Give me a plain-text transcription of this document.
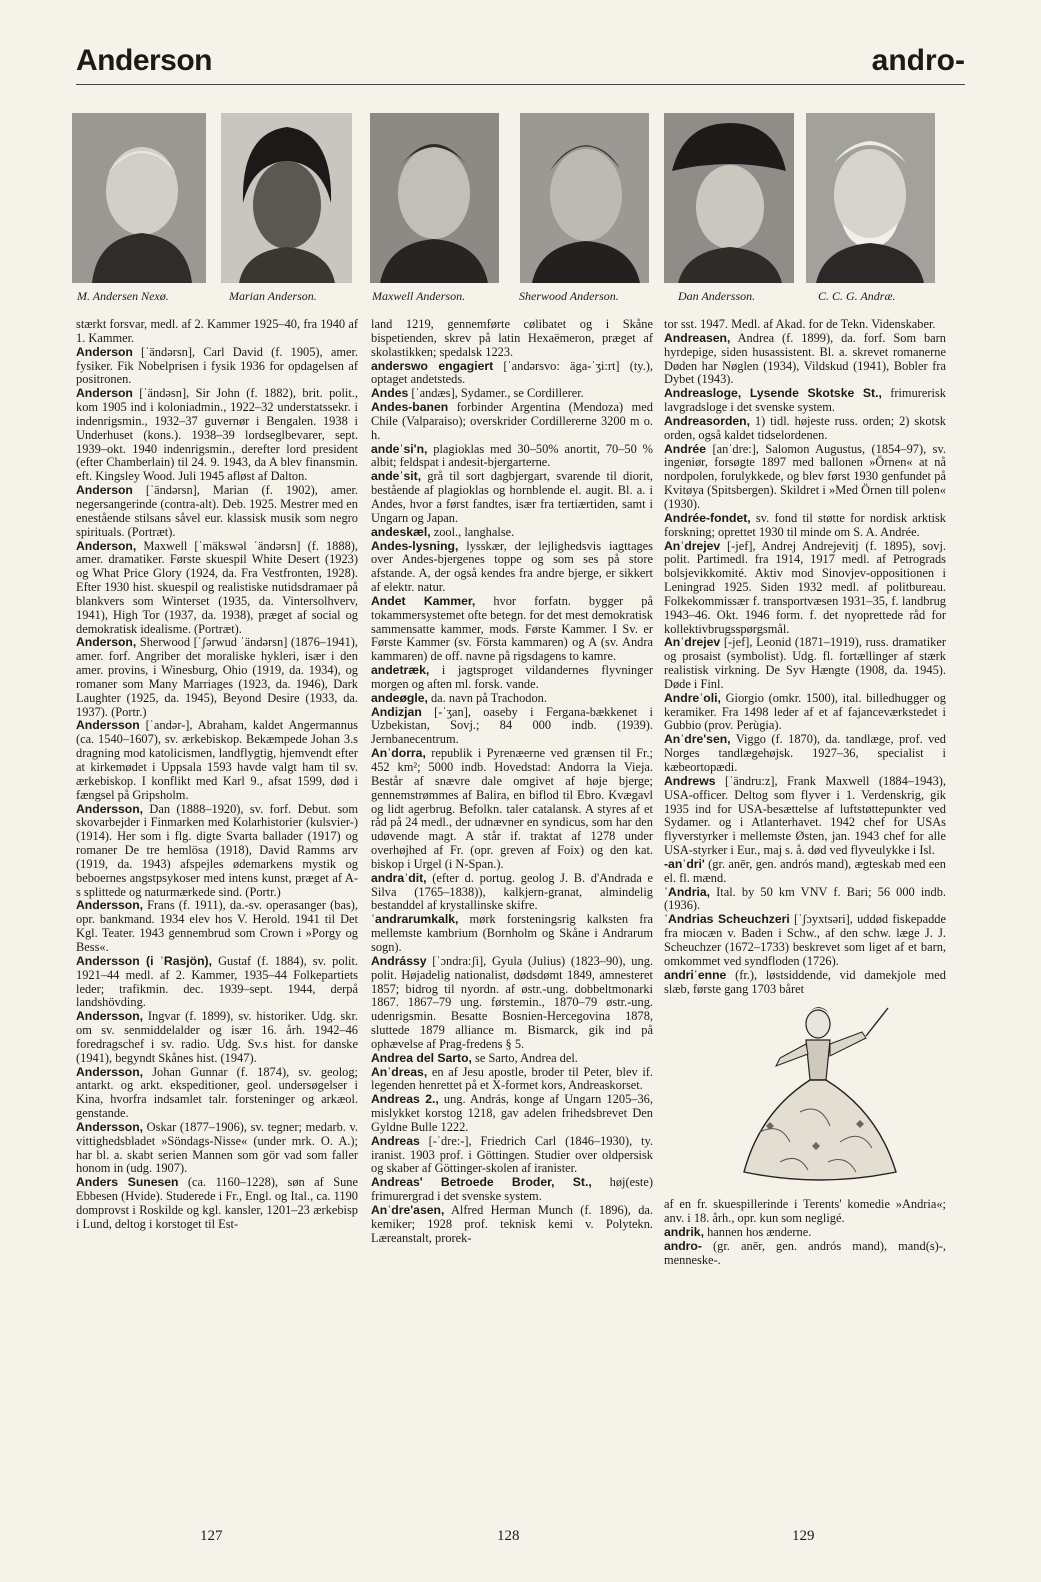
Anderson	andro-
M. Andersen Nexø.	Marian Anderson.	Maxwell Anderson.	Sherwood Anderson.	Dan Andersson.	C. C. G. Andræ.

stærkt forsvar, medl. af 2. Kammer 1925–40, fra 1940 af 1. Kammer.

Anderson [ˈändərsn], Carl David (f. 1905), amer. fysiker. Fik Nobelprisen i fysik 1936 for opdagelsen af positronen.

Anderson [ˈändəsn], Sir John (f. 1882), brit. polit., kom 1905 ind i koloniadmin., 1922–32 understatssekr. i indenrigsmin., 1932–37 guvernør i Bengalen. 1938 i Underhuset (kons.). 1938–39 lordseglbevarer, sept. 1939–okt. 1940 indenrigsmin., derefter lord president (efter Chamberlain) til 24. 9. 1943, da A blev finansmin. eft. Kingsley Wood. Juli 1945 afløst af Dalton.

Anderson [ˈändərsn], Marian (f. 1902), amer. negersangerinde (contra-alt). Deb. 1925. Mestrer med en enestående stilsans såvel eur. klassisk musik som negro spirituals. (Portræt).

Anderson, Maxwell [ˈmäkswəl ˈändərsn] (f. 1888), amer. dramatiker. Første skuespil White Desert (1923) og What Price Glory (1924, da. Fra Vestfronten, 1928). Efter 1930 hist. skuespil og realistiske nutidsdramaer på blankvers som Winterset (1935, da. Vintersolhverv, 1941), High Tor (1937, da. 1938), præget af social og demokratisk idealisme. (Portræt).

Anderson, Sherwood [ˈʃərwud ˈändərsn] (1876–1941), amer. forf. Angriber det moraliske hykleri, især i den amer. provins, i Winesburg, Ohio (1919, da. 1934), og romaner som Many Marriages (1923, da. 1946), Dark Laughter (1925, da. 1945), Beyond Desire (1933, da. 1937). (Portr.)

Andersson [ˈandər-], Abraham, kaldet Angermannus (ca. 1540–1607), sv. ærkebiskop. Bekæmpede Johan 3.s dragning mod katolicismen, landflygtig, hjemvendt efter at kirkemødet i Uppsala 1593 havde valgt ham til sv. ærkebiskop. I konflikt med Karl 9., afsat 1599, død i fængsel på Gripsholm.

Andersson, Dan (1888–1920), sv. forf. Debut. som skovarbejder i Finmarken med Kolarhistorier (kulsvier-) (1914). Her som i flg. digte Svarta ballader (1917) og romaner De tre hemlösa (1918), David Ramms arv (1919, da. 1943) afspejles ødemarkens mystik og beboernes angstpsykoser med intens kunst, præget af A-s splittede og naturmærkede sind. (Portr.)

Andersson, Frans (f. 1911), da.-sv. operasanger (bas), opr. bankmand. 1934 elev hos V. Herold. 1941 til Det Kgl. Teater. 1943 gennembrud som Crown i »Porgy og Bess«.

Andersson (i ˈRasjön), Gustaf (f. 1884), sv. polit. 1921–44 medl. af 2. Kammer, 1935–44 Folkepartiets leder; trafikmin. dec. 1939–sept. 1944, derpå landshövding.

Andersson, Ingvar (f. 1899), sv. historiker. Udg. skr. om sv. senmiddelalder og især 16. årh. 1942–46 foredragschef i sv. radio. Udg. Sv.s hist. for danske (1941), begyndt Skånes hist. (1947).

Andersson, Johan Gunnar (f. 1874), sv. geolog; antarkt. og arkt. ekspeditioner, geol. undersøgelser i Kina, hvorfra indsamlet talr. forsteninger og arkæol. genstande.

Andersson, Oskar (1877–1906), sv. tegner; medarb. v. vittighedsbladet »Söndags-Nisse« (under mrk. O. A.); har bl. a. skabt serien Mannen som gör vad som faller honom in (udg. 1907).

Anders Sunesen (ca. 1160–1228), søn af Sune Ebbesen (Hvide). Studerede i Fr., Engl. og Ital., ca. 1190 domprovst i Roskilde og kgl. kansler, 1201–23 ærkebisp i Lund, deltog i korstoget til Est-

land 1219, gennemførte cølibatet og i Skåne bispetienden, skrev på latin Hexaëmeron, præget af skolastikken; spedalsk 1223.

anderswo engagiert [ˈandərsvo: äga-ˈʒi:rt] (ty.), optaget andetsteds.

Andes [ˈandæs], Sydamer., se Cordillerer.

Andes-banen forbinder Argentina (Mendoza) med Chile (Valparaiso); overskrider Cordillererne 3200 m o. h.

andeˈsi'n, plagioklas med 30–50% anortit, 70–50 % albit; feldspat i andesit-bjergarterne.

andeˈsit, grå til sort dagbjergart, svarende til diorit, bestående af plagioklas og hornblende el. augit. Bl. a. i Andes, hvor a først fandtes, især fra tertiærtiden, samt i Ungarn og Japan.

andeskæl, zool., langhalse.

Andes-lysning, lysskær, der lejlighedsvis iagttages over Andes-bjergenes toppe og som ses på store afstande. A, der også kendes fra andre bjerge, er sikkert af elektr. natur.

Andet Kammer, hvor forfatn. bygger på tokammersystemet ofte betegn. for det mest demokratisk sammensatte kammer, mods. Første Kammer. I Sv. er Første Kammer (sv. Första kammaren) og A (sv. Andra kammaren) de off. navne på rigsdagens to kamre.

andetræk, i jagtsproget vildandernes flyvninger morgen og aften ml. forsk. vande.

andeøgle, da. navn på Trachodon.

Andizjan [-ˈʒan], oaseby i Fergana-bækkenet i Uzbekistan, Sovj.; 84 000 indb. (1939). Jernbanecentrum.

Anˈdorra, republik i Pyrenæerne ved grænsen til Fr.; 452 km²; 5000 indb. Hovedstad: Andorra la Vieja. Består af snævre dale omgivet af høje bjerge; gennemstrømmes af Balira, en biflod til Ebro. Kvægavl og lidt agerbrug. Befolkn. taler catalansk. A styres af et råd på 24 medl., der udnævner en syndicus, som har den udøvende magt. A står if. traktat af 1278 under overhøjhed af Fr. (opr. greven af Foix) og den kat. biskop i Urgel (i N-Span.).

andraˈdit, (efter d. portug. geolog J. B. d'Andrada e Silva (1765–1838)), kalkjern-granat, almindelig bestanddel af krystallinske skifre.

ˈandrarumkalk, mørk forsteningsrig kalksten fra mellemste kambrium (Bornholm og Skåne i Andrarum sogn).

Andrássy [ˈɔndra:ʃi], Gyula (Julius) (1823–90), ung. polit. Højadelig nationalist, dødsdømt 1849, amnesteret 1857; bidrog til nyordn. af østr.-ung. dobbeltmonarki 1867. 1867–79 ung. førstemin., 1870–79 østr.-ung. udenrigsmin. Besatte Bosnien-Hercegovina 1878, sluttede 1879 alliance m. Bismarck, gik ind på ophævelse af Prag-fredens § 5.

Andrea del Sarto, se Sarto, Andrea del.

Anˈdreas, en af Jesu apostle, broder til Peter, blev if. legenden henrettet på et X-formet kors, Andreaskorset.

Andreas 2., ung. András, konge af Ungarn 1205–36, mislykket korstog 1218, gav adelen frihedsbrevet Den Gyldne Bulle 1222.

Andreas [-ˈdre:-], Friedrich Carl (1846–1930), ty. iranist. 1903 prof. i Göttingen. Studier over oldpersisk og skaber af Göttinger-skolen af iranister.

Andreas' Betroede Broder, St., høj(este) frimurergrad i det svenske system.

Anˈdre'asen, Alfred Herman Munch (f. 1896), da. kemiker; 1928 prof. teknisk kemi v. Polytekn. Læreanstalt, prorek-

tor sst. 1947. Medl. af Akad. for de Tekn. Videnskaber.

Andreasen, Andrea (f. 1899), da. forf. Som barn hyrdepige, siden husassistent. Bl. a. skrevet romanerne Døden har Nøglen (1934), Vildskud (1941), Bobler fra Dybet (1943).

Andreasloge, Lysende Skotske St., frimurerisk lavgradsloge i det svenske system.

Andreasorden, 1) tidl. højeste russ. orden; 2) skotsk orden, også kaldet tidselordenen.

Andrée [anˈdre:], Salomon Augustus, (1854–97), sv. ingeniør, forsøgte 1897 med ballonen »Örnen« at nå nordpolen, forulykkede, og blev først 1930 genfundet på Kvitøya (Spitsbergen). Skildret i »Med Örnen till polen« (1930).

Andrée-fondet, sv. fond til støtte for nordisk arktisk forskning; oprettet 1930 til minde om S. A. Andrée.

Anˈdrejev [-jef], Andrej Andrejevitj (f. 1895), sovj. polit. Partimedl. fra 1914, 1917 medl. af Petrograds bolsjevikkomité. Aktiv mod Sinovjev-oppositionen i Leningrad 1925. Siden 1932 medl. af politbureau. Folkekommissær f. transportvæsen 1931–35, f. landbrug 1943–46. Okt. 1946 form. f. det nyoprettede råd for kollektivbrugsspørgsmål.

Anˈdrejev [-jef], Leonid (1871–1919), russ. dramatiker og prosaist (symbolist). Udg. fl. fortællinger af stærk realistisk virkning. De Syv Hængte (1908, da. 1945). Døde i Finl.

Andreˈoli, Giorgio (omkr. 1500), ital. billedhugger og keramiker. Fra 1498 leder af et af fajanceværkstedet i Gubbio (prov. Perùgia).

Anˈdre'sen, Viggo (f. 1870), da. tandlæge, prof. ved Norges tandlægehøjsk. 1927–36, specialist i kæbeortopædi.

Andrews [ˈändru:z], Frank Maxwell (1884–1943), USA-officer. Deltog som flyver i 1. Verdenskrig, gik 1935 ind for USA-besættelse af luftstøttepunkter ved Sydamer. og i Atlanterhavet. 1942 chef for USAs flyverstyrker i mellemste Østen, jan. 1943 chef for alle USA-styrker i Eur., maj s. å. død ved flyveulykke i Isl.

-anˈdri' (gr. anēr, gen. andrós mand), ægteskab med een el. fl. mænd.

ˈAndria, Ital. by 50 km VNV f. Bari; 56 000 indb. (1936).

ˈAndrias Scheuchzeri [ˈʃɔyxtsəri], uddød fiskepadde fra miocæn v. Baden i Schw., af den schw. læge J. J. Scheuchzer (1672–1733) beskrevet som liget af et barn, omkommet ved syndfloden (1726).

andriˈenne (fr.), løstsiddende, vid damekjole med slæb, første gang 1703 båret

af en fr. skuespillerinde i Terents' komedie »Andria«; anv. i 18. årh., opr. kun som negligé.

andrik, hannen hos ænderne.

andro- (gr. anēr, gen. andrós mand), mand(s)-, menneske-.

127	128	129
